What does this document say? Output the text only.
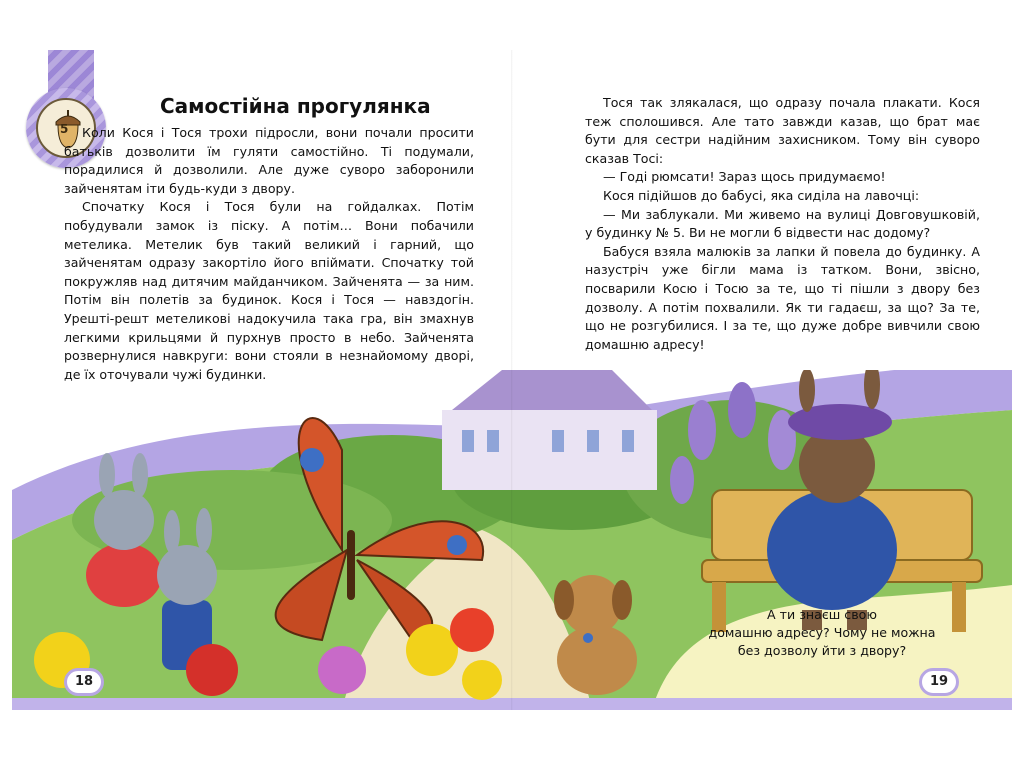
5
Самостійна прогулянка

Коли Кося і Тося трохи підросли, вони почали просити батьків дозволити їм гуляти самостійно. Ті подумали, порадилися й дозволили. Але дуже суворо заборонили зайченятам іти будь-куди з двору.

Спочатку Кося і Тося були на гойдалках. Потім побудували замок із піску. А потім… Вони побачили метелика. Метелик був такий великий і гарний, що зайченятам одразу закортіло його впіймати. Спочатку той покружляв над дитячим майданчиком. Зайченята — за ним. Потім він полетів за будинок. Кося і Тося — навздогін. Урешті-решт метеликові надокучила така гра, він змахнув легкими крильцями й пурхнув просто в небо. Зайченята розвернулися навкруги: вони стояли в незнайомому дворі, де їх оточували чужі будинки.

Тося так злякалася, що одразу почала плакати. Кося теж сполошився. Але тато завжди казав, що брат має бути для сестри надійним захисником. Тому він суворо сказав Тосі:

— Годі рюмсати! Зараз щось придумаємо!

Кося підійшов до бабусі, яка сиділа на лавочці:

— Ми заблукали. Ми живемо на вулиці Довговушковій, у будинку № 5. Ви не могли б відвести нас додому?

Бабуся взяла малюків за лапки й повела до будинку. А назустріч уже бігли мама із татком. Вони, звісно, посварили Косю і Тосю за те, що ті пішли з двору без дозволу. А потім похвалили. Як ти гадаєш, за що? За те, що не розгубилися. І за те, що дуже добре вивчили свою домашню адресу!

А ти знаєш свою
домашню адресу? Чому не можна
без дозволу йти з двору?
18	19
